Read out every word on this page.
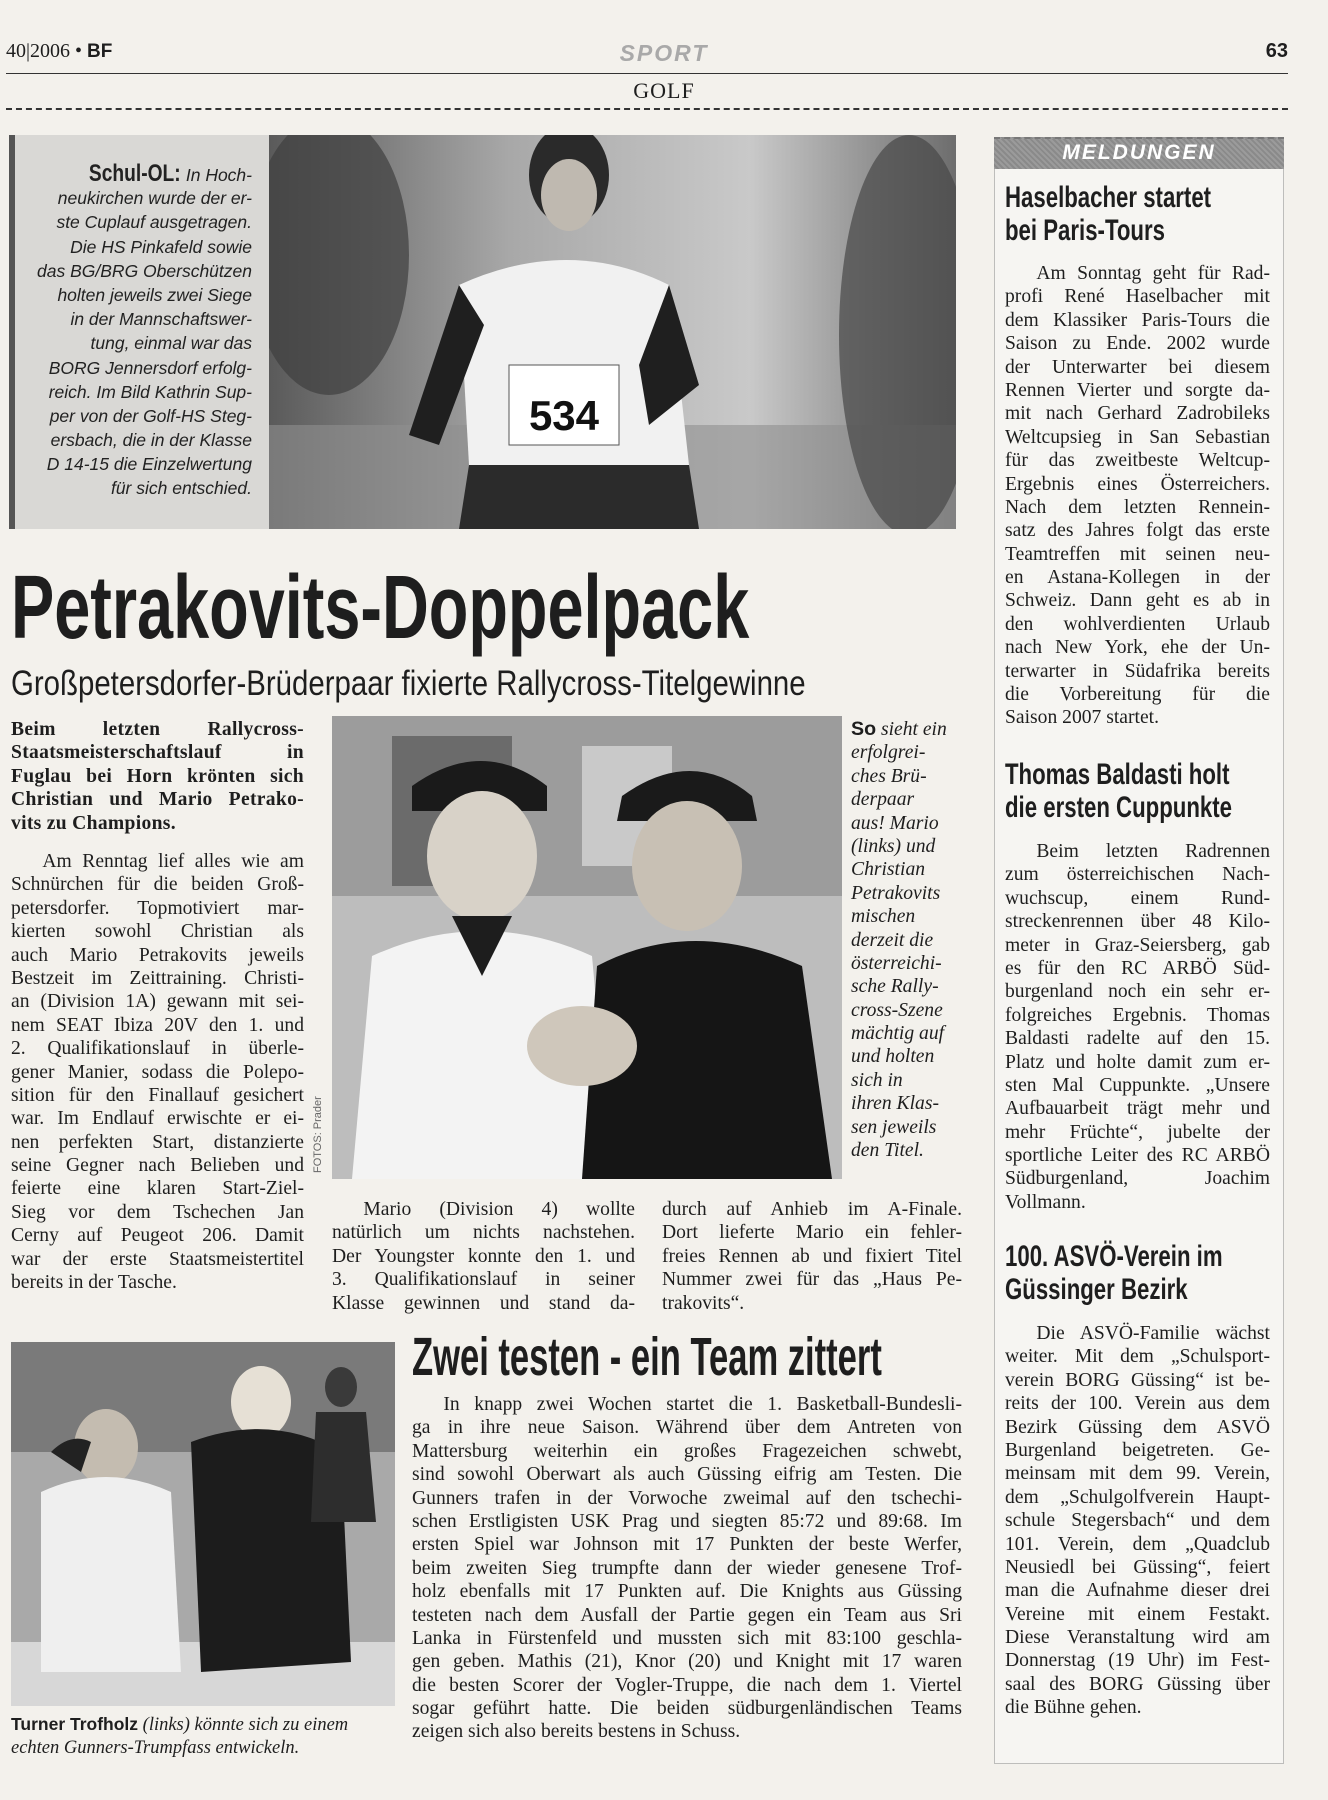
40|2006 • BF	SPORT	63
GOLF
Schul-OL: In Hoch-
neukirchen wurde der er-
ste Cuplauf ausgetragen.
Die HS Pinkafeld sowie
das BG/BRG Oberschützen
holten jeweils zwei Siege
in der Mannschaftswer-
tung, einmal war das
BORG Jennersdorf erfolg-
reich. Im Bild Kathrin Sup-
per von der Golf-HS Steg-
ersbach, die in der Klasse
D 14-15 die Einzelwertung
für sich entschied.
534
Petrakovits-Doppelpack
Großpetersdorfer-Brüderpaar fixierte Rallycross-Titelgewinne
Beim letzten Rallycross-
Staatsmeisterschaftslauf in
Fuglau bei Horn krönten sich
Christian und Mario Petrako-
vits zu Champions.
Am Renntag lief alles wie am
Schnürchen für die beiden Groß-
petersdorfer. Topmotiviert mar-
kierten sowohl Christian als
auch Mario Petrakovits jeweils
Bestzeit im Zeittraining. Christi-
an (Division 1A) gewann mit sei-
nem SEAT Ibiza 20V den 1. und
2. Qualifikationslauf in überle-
gener Manier, sodass die Polepo-
sition für den Finallauf gesichert
war. Im Endlauf erwischte er ei-
nen perfekten Start, distanzierte
seine Gegner nach Belieben und
feierte eine klaren Start-Ziel-
Sieg vor dem Tschechen Jan
Cerny auf Peugeot 206. Damit
war der erste Staatsmeistertitel
bereits in der Tasche.
FOTOS: Prader
So sieht ein
erfolgrei-
ches Brü-
derpaar
aus! Mario
(links) und
Christian
Petrakovits
mischen
derzeit die
österreichi-
sche Rally-
cross-Szene
mächtig auf
und holten
sich in
ihren Klas-
sen jeweils
den Titel.
Mario (Division 4) wollte
natürlich um nichts nachstehen.
Der Youngster konnte den 1. und
3. Qualifikationslauf in seiner
Klasse gewinnen und stand da-
durch auf Anhieb im A-Finale.
Dort lieferte Mario ein fehler-
freies Rennen ab und fixiert Titel
Nummer zwei für das „Haus Pe-
trakovits“.
Turner Trofholz (links) könnte sich zu einem
echten Gunners-Trumpfass entwickeln.
Zwei testen - ein Team zittert
In knapp zwei Wochen startet die 1. Basketball-Bundesli-
ga in ihre neue Saison. Während über dem Antreten von
Mattersburg weiterhin ein großes Fragezeichen schwebt,
sind sowohl Oberwart als auch Güssing eifrig am Testen. Die
Gunners trafen in der Vorwoche zweimal auf den tschechi-
schen Erstligisten USK Prag und siegten 85:72 und 89:68. Im
ersten Spiel war Johnson mit 17 Punkten der beste Werfer,
beim zweiten Sieg trumpfte dann der wieder genesene Trof-
holz ebenfalls mit 17 Punkten auf. Die Knights aus Güssing
testeten nach dem Ausfall der Partie gegen ein Team aus Sri
Lanka in Fürstenfeld und mussten sich mit 83:100 geschla-
gen geben. Mathis (21), Knor (20) und Knight mit 17 waren
die besten Scorer der Vogler-Truppe, die nach dem 1. Viertel
sogar geführt hatte. Die beiden südburgenländischen Teams
zeigen sich also bereits bestens in Schuss.
MELDUNGEN
Haselbacher startet
bei Paris-Tours
Am Sonntag geht für Rad-
profi René Haselbacher mit
dem Klassiker Paris-Tours die
Saison zu Ende. 2002 wurde
der Unterwarter bei diesem
Rennen Vierter und sorgte da-
mit nach Gerhard Zadrobileks
Weltcupsieg in San Sebastian
für das zweitbeste Weltcup-
Ergebnis eines Österreichers.
Nach dem letzten Rennein-
satz des Jahres folgt das erste
Teamtreffen mit seinen neu-
en Astana-Kollegen in der
Schweiz. Dann geht es ab in
den wohlverdienten Urlaub
nach New York, ehe der Un-
terwarter in Südafrika bereits
die Vorbereitung für die
Saison 2007 startet.
Thomas Baldasti holt
die ersten Cuppunkte
Beim letzten Radrennen
zum österreichischen Nach-
wuchscup, einem Rund-
streckenrennen über 48 Kilo-
meter in Graz-Seiersberg, gab
es für den RC ARBÖ Süd-
burgenland noch ein sehr er-
folgreiches Ergebnis. Thomas
Baldasti radelte auf den 15.
Platz und holte damit zum er-
sten Mal Cuppunkte. „Unsere
Aufbauarbeit trägt mehr und
mehr Früchte“, jubelte der
sportliche Leiter des RC ARBÖ
Südburgenland, Joachim
Vollmann.
100. ASVÖ-Verein im
Güssinger Bezirk
Die ASVÖ-Familie wächst
weiter. Mit dem „Schulsport-
verein BORG Güssing“ ist be-
reits der 100. Verein aus dem
Bezirk Güssing dem ASVÖ
Burgenland beigetreten. Ge-
meinsam mit dem 99. Verein,
dem „Schulgolfverein Haupt-
schule Stegersbach“ und dem
101. Verein, dem „Quadclub
Neusiedl bei Güssing“, feiert
man die Aufnahme dieser drei
Vereine mit einem Festakt.
Diese Veranstaltung wird am
Donnerstag (19 Uhr) im Fest-
saal des BORG Güssing über
die Bühne gehen.
